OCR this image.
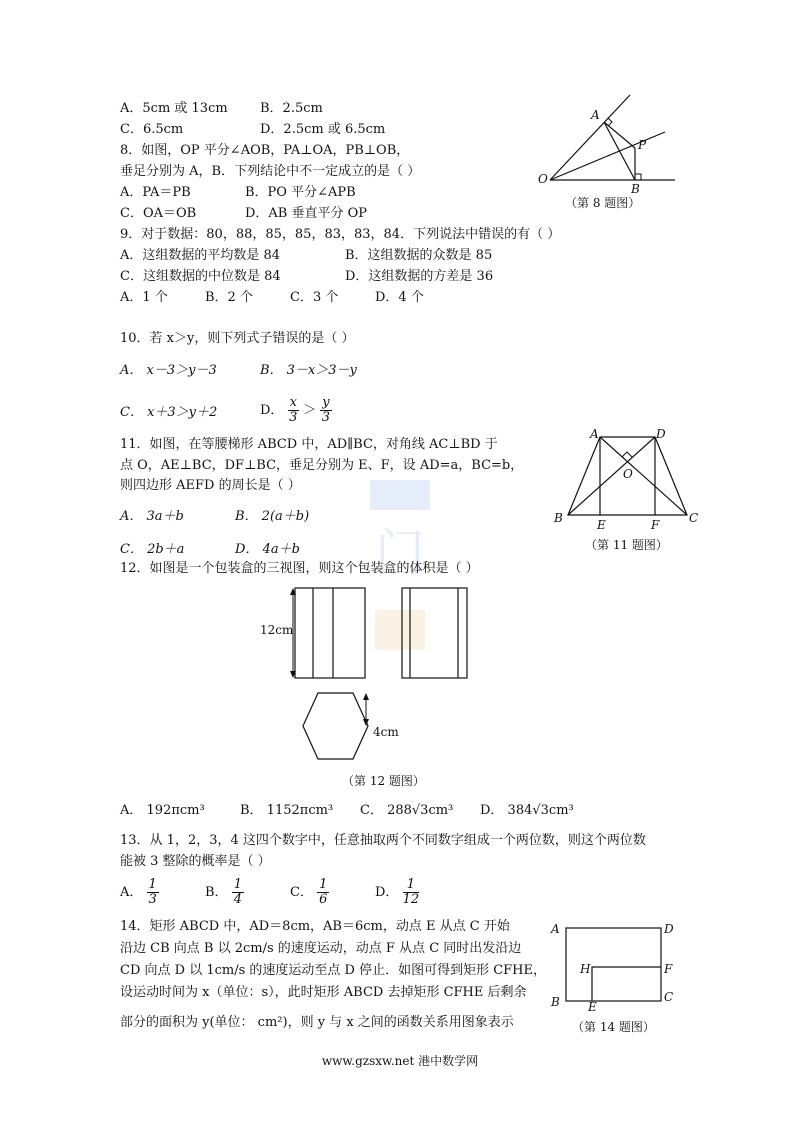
门
A．5cm 或 13cm B．2.5cm
C．6.5cm	D．2.5cm 或 6.5cm
8．如图，OP 平分∠AOB，PA⊥OA，PB⊥OB，
垂足分别为 A，B．下列结论中不一定成立的是（ ）
A．PA＝PB	B．PO 平分∠APB
C．OA＝OB	D．AB 垂直平分 OP
A
P
O
B
（第 8 题图）
9．对于数据：80，88，85，85，83，83，84．下列说法中错误的有（ ）
A．这组数据的平均数是 84	B．这组数据的众数是 85
C．这组数据的中位数是 84	D．这组数据的方差是 36
A．1 个	B．2 个	C．3 个	D．4 个
10．若 x＞y，则下列式子错误的是（ ）
A． x－3＞y－3	B． 3－x＞3－y
C． x＋3＞y＋2	D． $\frac{x}{3} > \frac{y}{3}$
11．如图，在等腰梯形 ABCD 中，AD∥BC，对角线 AC⊥BD 于
点 O，AE⊥BC，DF⊥BC，垂足分别为 E、F，设 AD=a，BC=b，
则四边形 AEFD 的周长是（ ）
A． 3a＋b	B． 2(a＋b)
C． 2b＋a	D． 4a＋b
A	D
O
B	E	F C
（第 11 题图）
12．如图是一个包装盒的三视图，则这个包装盒的体积是（ ）
12cm
4cm
（第 12 题图）
A． 192πcm³	B． 1152πcm³ C． 288√3cm³ D． 384√3cm³
13．从 1，2，3，4 这四个数字中，任意抽取两个不同数字组成一个两位数，则这个两位数
能被 3 整除的概率是（ ）
A． $\frac{1}{3}$	B． $\frac{1}{4}$	C． $\frac{1}{6}$	D． $\frac{1}{12}$
14．矩形 ABCD 中，AD＝8cm，AB＝6cm，动点 E 从点 C 开始
沿边 CB 向点 B 以 2cm/s 的速度运动，动点 F 从点 C 同时出发沿边
CD 向点 D 以 1cm/s 的速度运动至点 D 停止．如图可得到矩形 CFHE，
设运动时间为 x（单位：s），此时矩形 ABCD 去掉矩形 CFHE 后剩余
部分的面积为 y(单位： cm²)，则 y 与 x 之间的函数关系用图象表示
A	D
H	F
B E
C
（第 14 题图）
www.gzsxw.net 港中数学网
